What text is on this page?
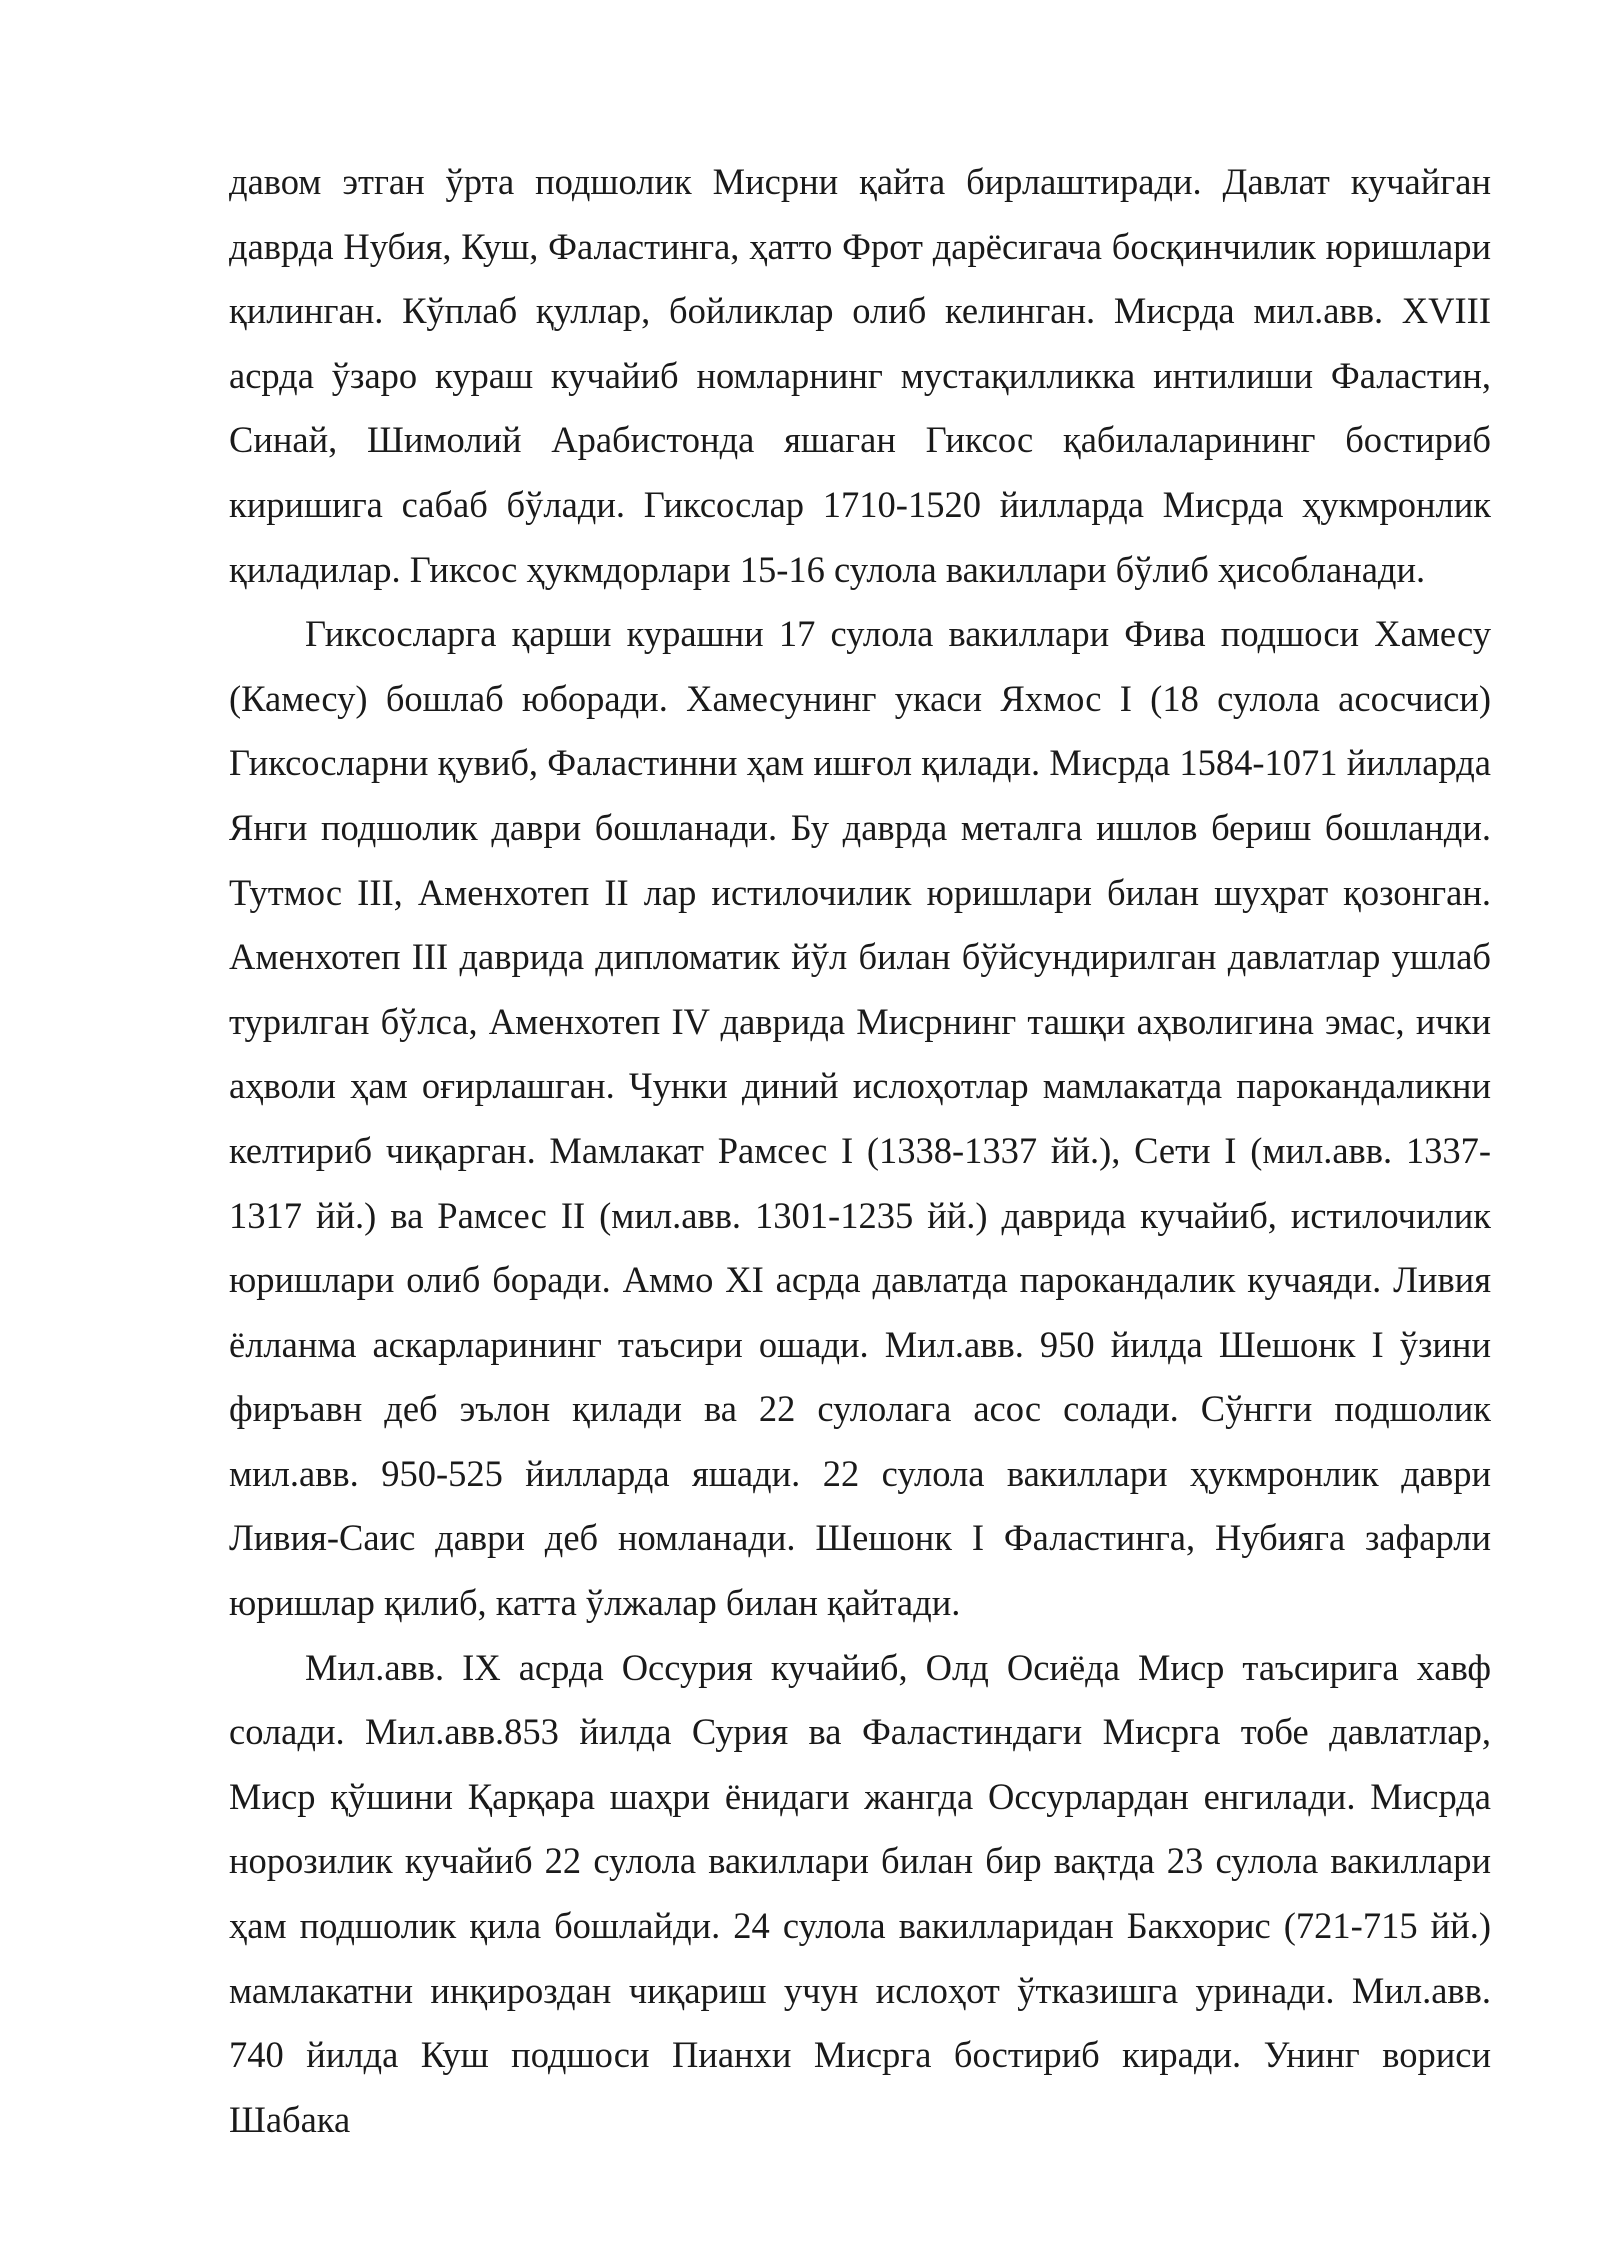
давом этган ўрта подшолик Мисрни қайта бирлаштиради. Давлат кучайган даврда Нубия, Куш, Фаластинга, ҳатто Фрот дарёсигача босқинчилик юришлари қилинган. Кўплаб қуллар, бойликлар олиб келинган. Мисрда мил.авв. XVIII асрда ўзаро кураш кучайиб номларнинг мустақилликка интилиши Фаластин, Синай, Шимолий Арабистонда яшаган Гиксос қабилаларининг бостириб киришига сабаб бўлади. Гиксослар 1710-1520 йилларда Мисрда ҳукмронлик қиладилар. Гиксос ҳукмдорлари 15-16 сулола вакиллари бўлиб ҳисобланади.

Гиксосларга қарши курашни 17 сулола вакиллари Фива подшоси Хамесу (Камесу) бошлаб юборади. Хамесунинг укаси Яхмос I (18 сулола асосчиси) Гиксосларни қувиб, Фаластинни ҳам ишғол қилади. Мисрда 1584-1071 йилларда Янги подшолик даври бошланади. Бу даврда металга ишлов бериш бошланди. Тутмос III, Аменхотеп II лар истилочилик юришлари билан шуҳрат қозонган. Аменхотеп III даврида дипломатик йўл билан бўйсундирилган давлатлар ушлаб турилган бўлса, Аменхотеп IV даврида Мисрнинг ташқи аҳволигина эмас, ички аҳволи ҳам оғирлашган. Чунки диний ислоҳотлар мамлакатда парокандаликни келтириб чиқарган. Мамлакат Рамсес I (1338-1337 йй.), Сети I (мил.авв. 1337-1317 йй.) ва Рамсес II (мил.авв. 1301-1235 йй.) даврида кучайиб, истилочилик юришлари олиб боради. Аммо XI асрда давлатда парокандалик кучаяди. Ливия ёлланма аскарларининг таъсири ошади. Мил.авв. 950 йилда Шешонк I ўзини фиръавн деб эълон қилади ва 22 сулолага асос солади. Сўнгги подшолик мил.авв. 950-525 йилларда яшади. 22 сулола вакиллари ҳукмронлик даври Ливия-Саис даври деб номланади. Шешонк I Фаластинга, Нубияга зафарли юришлар қилиб, катта ўлжалар билан қайтади.

Мил.авв. IX асрда Оссурия кучайиб, Олд Осиёда Миср таъсирига хавф солади. Мил.авв.853 йилда Сурия ва Фаластиндаги Мисрга тобе давлатлар, Миср қўшини Қарқара шаҳри ёнидаги жангда Оссурлардан енгилади. Мисрда норозилик кучайиб 22 сулола вакиллари билан бир вақтда 23 сулола вакиллари ҳам подшолик қила бошлайди. 24 сулола вакилларидан Бакхорис (721-715 йй.) мамлакатни инқироздан чиқариш учун ислоҳот ўтказишга уринади. Мил.авв. 740 йилда Куш подшоси Пианхи Мисрга бостириб киради. Унинг вориси Шабака
